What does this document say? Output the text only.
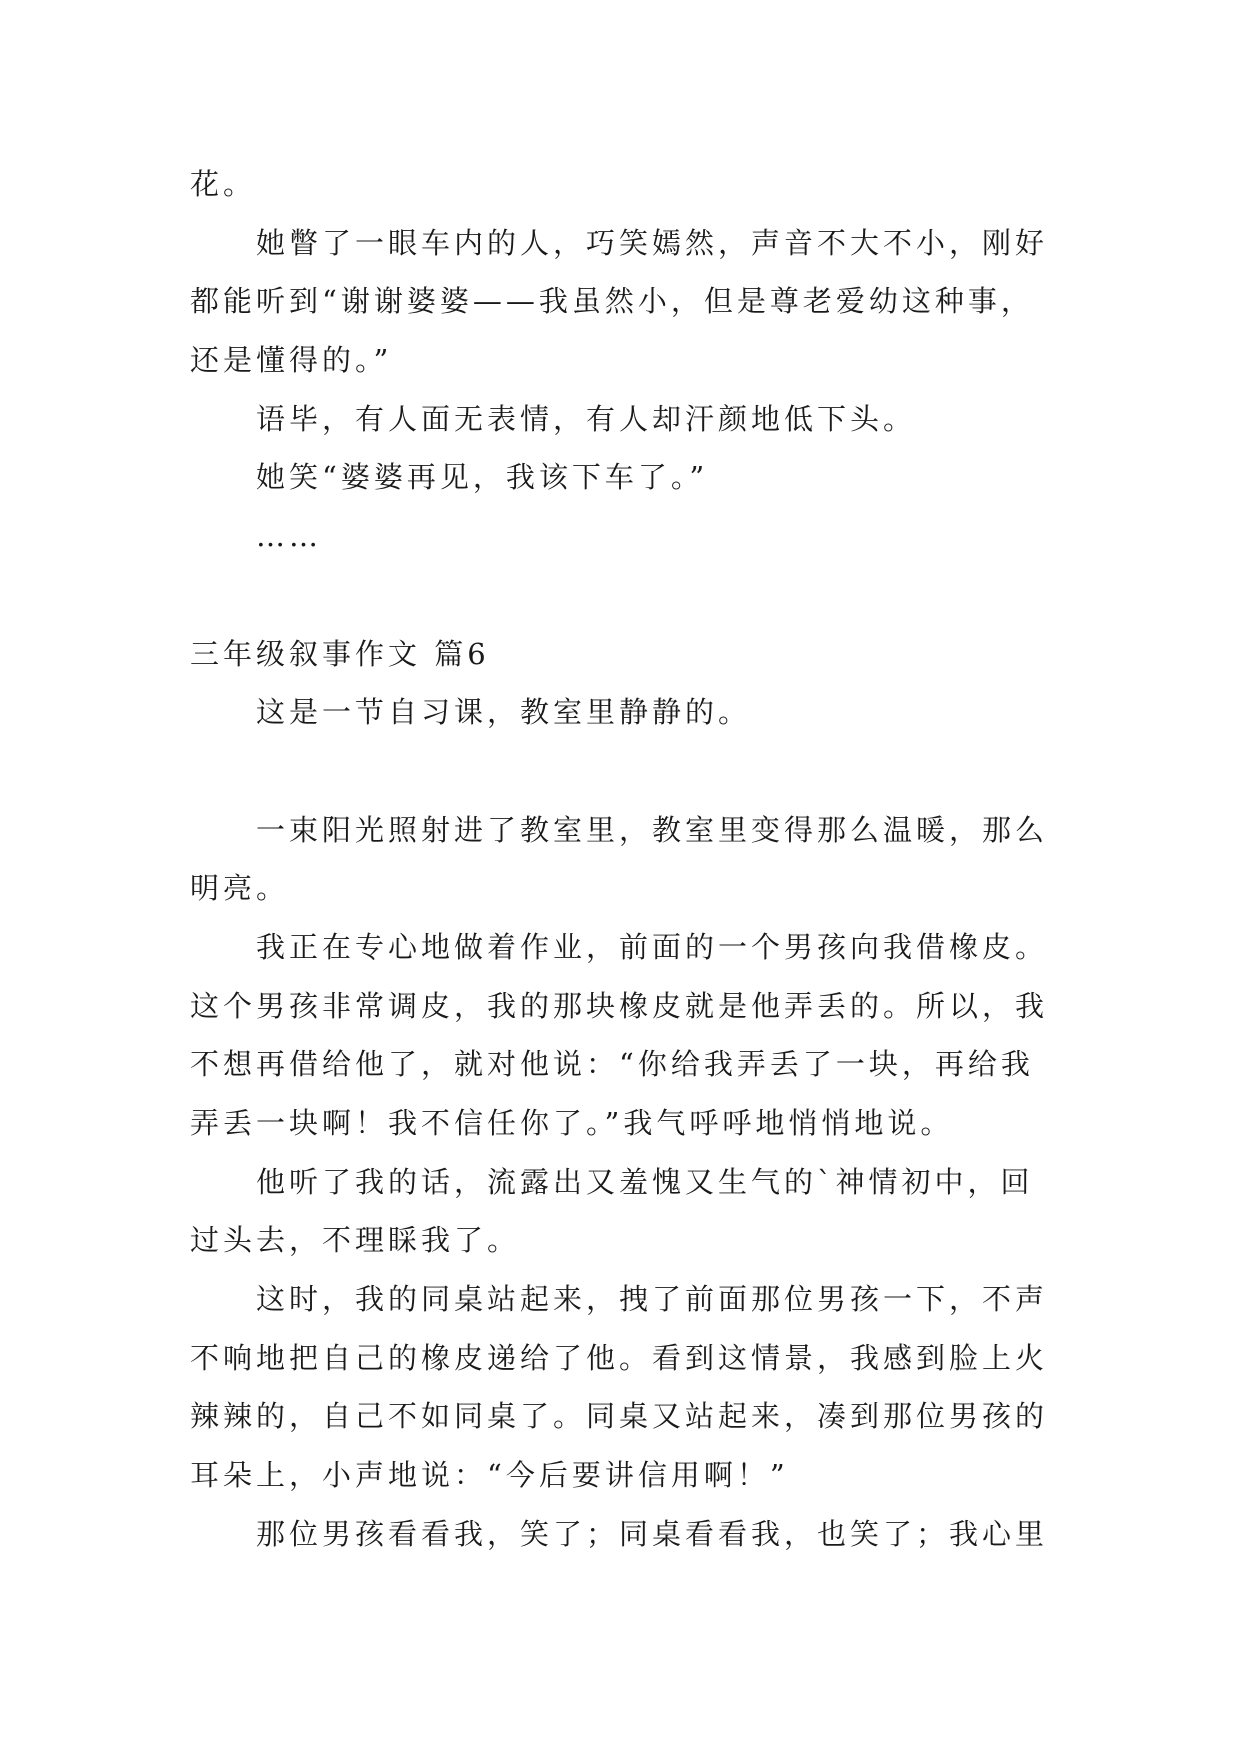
花。
她瞥了一眼车内的人，巧笑嫣然，声音不大不小，刚好
都能听到“谢谢婆婆——我虽然小，但是尊老爱幼这种事，
还是懂得的。”
语毕，有人面无表情，有人却汗颜地低下头。
她笑“婆婆再见，我该下车了。”
……
三年级叙事作文 篇6
这是一节自习课，教室里静静的。
一束阳光照射进了教室里，教室里变得那么温暖，那么
明亮。
我正在专心地做着作业，前面的一个男孩向我借橡皮。
这个男孩非常调皮，我的那块橡皮就是他弄丢的。所以，我
不想再借给他了，就对他说：“你给我弄丢了一块，再给我
弄丢一块啊！我不信任你了。”我气呼呼地悄悄地说。
他听了我的话，流露出又羞愧又生气的`神情初中，回
过头去，不理睬我了。
这时，我的同桌站起来，拽了前面那位男孩一下，不声
不响地把自己的橡皮递给了他。看到这情景，我感到脸上火
辣辣的，自己不如同桌了。同桌又站起来，凑到那位男孩的
耳朵上，小声地说：“今后要讲信用啊！”
那位男孩看看我，笑了；同桌看看我，也笑了；我心里
